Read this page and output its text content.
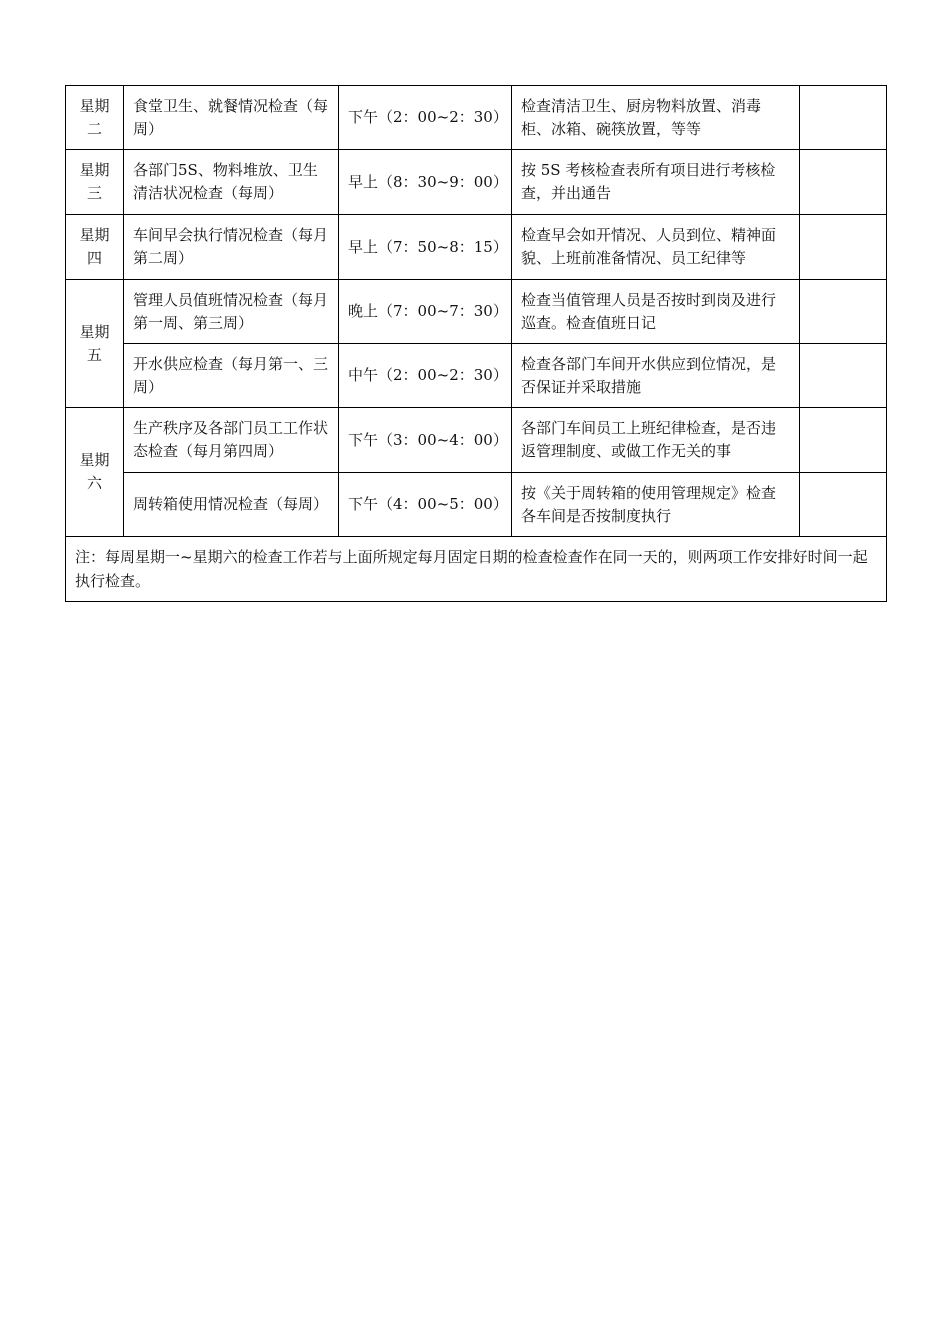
星期
二	食堂卫生、就餐情况检查（每周）	下午（2：00~2：30）	检查清洁卫生、厨房物料放置、消毒柜、冰箱、碗筷放置，等等	

星期
三	各部门5S、物料堆放、卫生清洁状况检查（每周）	早上（8：30~9：00）	按 5S 考核检查表所有项目进行考核检查，并出通告	

星期
四	车间早会执行情况检查（每月第二周）	早上（7：50~8：15）	检查早会如开情况、人员到位、精神面貌、上班前准备情况、员工纪律等	

星期
五	管理人员值班情况检查（每月第一周、第三周）	晚上（7：00~7：30）	检查当值管理人员是否按时到岗及进行巡查。检查值班日记	
	开水供应检查（每月第一、三周）	中午（2：00~2：30）	检查各部门车间开水供应到位情况，是否保证并采取措施	

星期
六	生产秩序及各部门员工工作状态检查（每月第四周）	下午（3：00~4：00）	各部门车间员工上班纪律检查，是否违返管理制度、或做工作无关的事	
	周转箱使用情况检查（每周）	下午（4：00~5：00）	按《关于周转箱的使用管理规定》检查各车间是否按制度执行	
注：每周星期一~星期六的检查工作若与上面所规定每月固定日期的检查检查作在同一天的，则两项工作安排好时间一起执行检查。				
